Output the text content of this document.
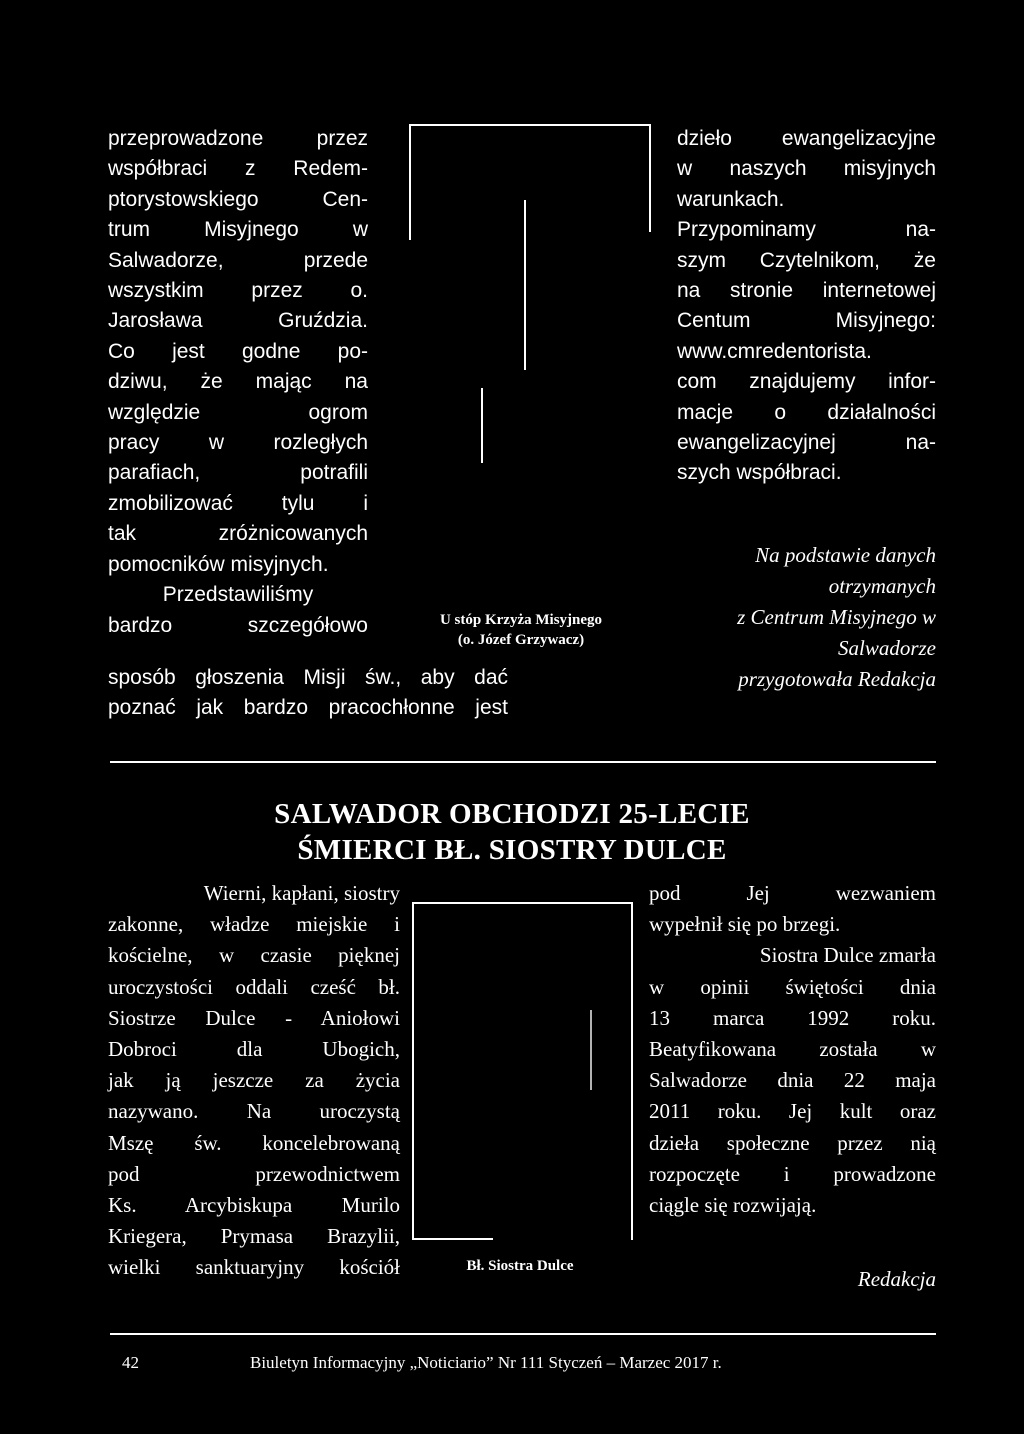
przeprowadzone przez
współbraci z Redem-
ptorystowskiego Cen-
trum Misyjnego w
Salwadorze, przede
wszystkim przez o.
Jarosława Gruździa.
Co jest godne po-
dziwu, że mając na
względzie ogrom
pracy w rozległych
parafiach, potrafili
zmobilizować tylu i
tak zróżnicowanych
pomocników misyjnych.
Przedstawiliśmy
bardzo szczegółowo	U stóp Krzyża Misyjnego
(o. Józef Grzywacz)
sposób głoszenia Misji św., aby dać
poznać jak bardzo pracochłonne jest
dzieło ewangelizacyjne
w naszych misyjnych
warunkach.
Przypominamy na-
szym Czytelnikom, że
na stronie internetowej
Centum Misyjnego:
www.cmredentorista.
com znajdujemy infor-
macje o działalności
ewangelizacyjnej na-
szych współbraci.
Na podstawie danych
otrzymanych
z Centrum Misyjnego w
Salwadorze
przygotowała Redakcja
SALWADOR OBCHODZI 25-LECIE
ŚMIERCI BŁ. SIOSTRY DULCE
Wierni, kapłani, siostry
zakonne, władze miejskie i
kościelne, w czasie pięknej
uroczystości oddali cześć bł.
Siostrze Dulce - Aniołowi
Dobroci dla Ubogich,
jak ją jeszcze za życia
nazywano. Na uroczystą
Mszę św. koncelebrowaną
pod przewodnictwem
Ks. Arcybiskupa Murilo
Kriegera, Prymasa Brazylii,
wielki sanktuaryjny kościół	Bł. Siostra Dulce
pod Jej wezwaniem
wypełnił się po brzegi.
Siostra Dulce zmarła
w opinii świętości dnia
13 marca 1992 roku.
Beatyfikowana została w
Salwadorze dnia 22 maja
2011 roku. Jej kult oraz
dzieła społeczne przez nią
rozpoczęte i prowadzone
ciągle się rozwijają.
Redakcja
42	Biuletyn Informacyjny „Noticiario” Nr 111 Styczeń – Marzec 2017 r.
